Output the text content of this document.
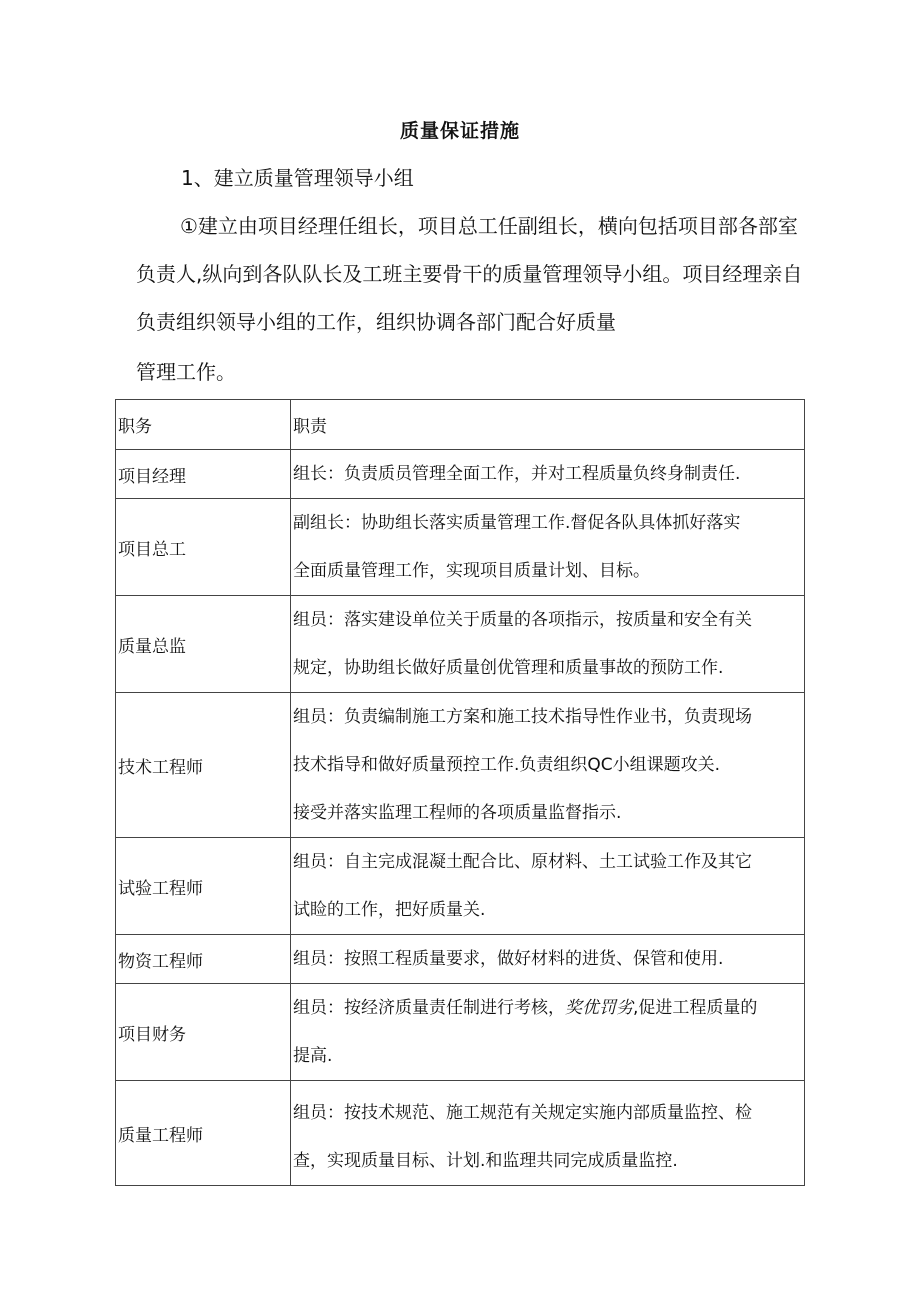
质量保证措施
1、建立质量管理领导小组
①建立由项目经理任组长，项目总工任副组长，横向包括项目部各部室
负责人,纵向到各队队长及工班主要骨干的质量管理领导小组。项目经理亲自
负责组织领导小组的工作，组织协调各部门配合好质量
管理工作。
职务	职责
项目经理	组长：负责质员管理全面工作，并对工程质量负终身制责任.

项目总工	副组长：协助组长落实质量管理工作.督促各队具体抓好落实
全面质量管理工作，实现项目质量计划、目标。

质量总监	组员：落实建设单位关于质量的各项指示，按质量和安全有关
规定，协助组长做好质量创优管理和质量事故的预防工作.

技术工程师	组员：负责编制施工方案和施工技术指导性作业书，负责现场
技术指导和做好质量预控工作.负责组织QC小组课题攻关.
接受并落实监理工程师的各项质量监督指示.

试验工程师	组员：自主完成混凝土配合比、原材料、土工试验工作及其它
试睑的工作，把好质量关.

物资工程师	组员：按照工程质量要求，做好材料的进货、保管和使用.

项目财务	组员：按经济质量责任制进行考核，奖优罚劣,促进工程质量的
提高.

质量工程师	组员：按技术规范、施工规范有关规定实施内部质量监控、检
查，实现质量目标、计划.和监理共同完成质量监控.
